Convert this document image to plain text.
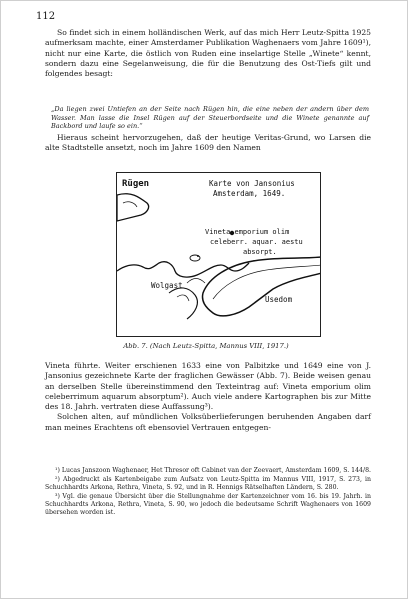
112

So findet sich in einem holländischen Werk, auf das mich Herr Leutz-Spitta 1925 aufmerksam machte, einer Amsterdamer Publikation Waghenaers vom Jahre 1609¹), nicht nur eine Karte, die östlich von Ruden eine inselartige Stelle „Winete“ kennt, sondern dazu eine Segelanweisung, die für die Benutzung des Ost-Tiefs gilt und folgendes besagt:

„Da liegen zwei Untiefen an der Seite nach Rügen hin, die eine neben der andern über dem Wasser. Man lasse die Insel Rügen auf der Steuerbordseite und die Winete genannte auf Backbord und laufe so ein.“

Hieraus scheint hervorzugehen, daß der heutige Veritas-Grund, wo Larsen die alte Stadtstelle ansetzt, noch im Jahre 1609 den Namen

Rügen	Karte von Jansonius
Amsterdam, 1649.
Vineta emporium olim
celeberr. aquar. aestu
absorpt.
Wolgast
Usedom
Abb. 7. (Nach Leutz-Spitta, Mannus VIII, 1917.)

Vineta führte. Weiter erschienen 1633 eine von Palbitzke und 1649 eine von J. Jansonius gezeichnete Karte der fraglichen Gewässer (Abb. 7). Beide weisen genau an derselben Stelle übereinstimmend den Texteintrag auf: Vineta emporium olim celeberrimum aquarum absorptum²). Auch viele andere Kartographen bis zur Mitte des 18. Jahrh. vertraten diese Auffassung³).

Solchen alten, auf mündlichen Volksüberlieferungen beruhenden Angaben darf man meines Erachtens oft ebensoviel Vertrauen entgegen-

¹) Lucas Janszoon Waghenaer, Het Thresor oft Cabinet van der Zeevaert, Amsterdam 1609, S. 144/8.

²) Abgedruckt als Kartenbeigabe zum Aufsatz von Leutz-Spitta im Mannus VIII, 1917, S. 273, in Schuchhardts Arkona, Rethra, Vineta, S. 92, und in R. Hennigs Rätselhaften Ländern, S. 280.

³) Vgl. die genaue Übersicht über die Stellungnahme der Kartenzeichner vom 16. bis 19. Jahrh. in Schuchhardts Arkona, Rethra, Vineta, S. 90, wo jedoch die bedeutsame Schrift Waghenaers von 1609 übersehen worden ist.
